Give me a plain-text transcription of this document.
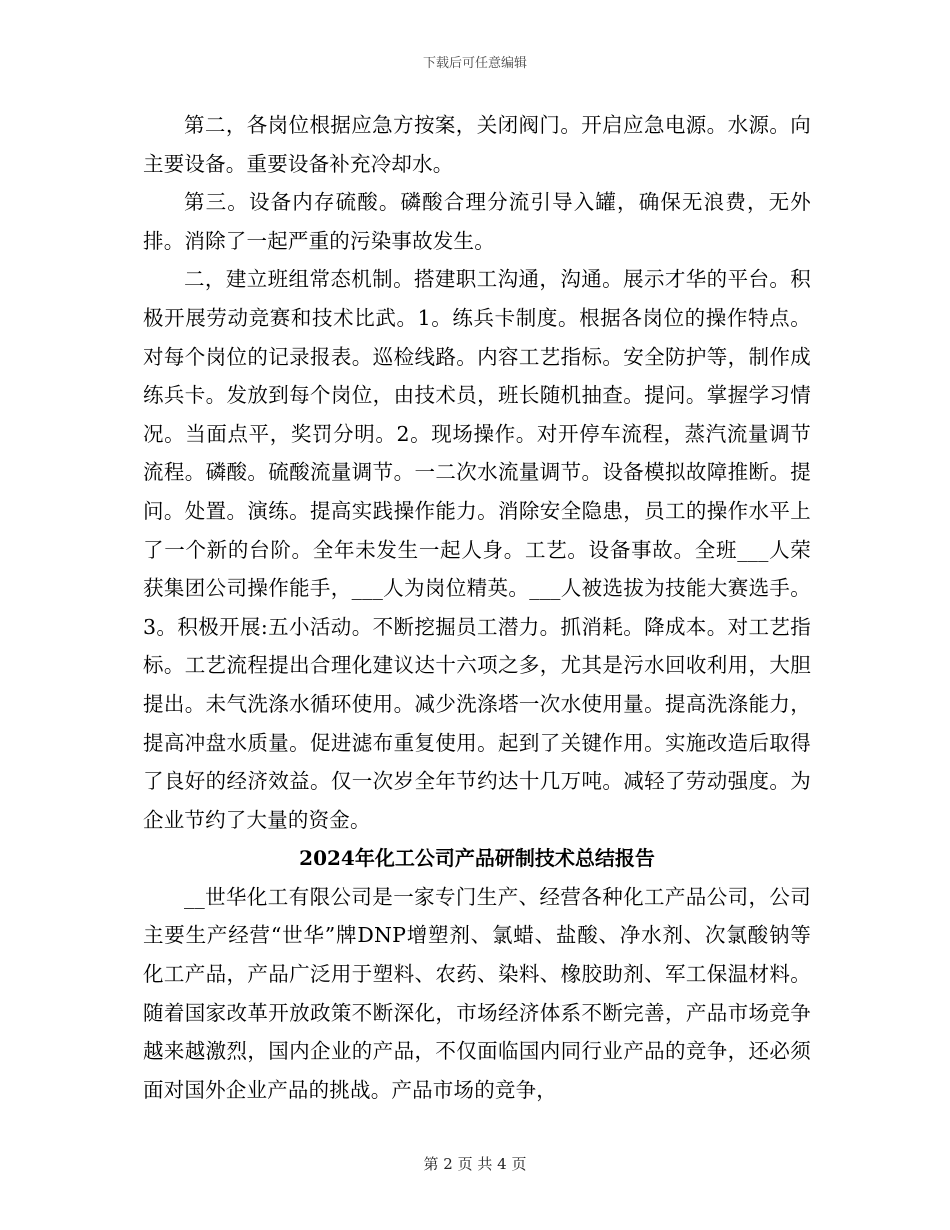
下载后可任意编辑

第二，各岗位根据应急方按案，关闭阀门。开启应急电源。水源。向主要设备。重要设备补充冷却水。

第三。设备内存硫酸。磷酸合理分流引导入罐，确保无浪费，无外排。消除了一起严重的污染事故发生。

二，建立班组常态机制。搭建职工沟通，沟通。展示才华的平台。积极开展劳动竞赛和技术比武。1。练兵卡制度。根据各岗位的操作特点。对每个岗位的记录报表。巡检线路。内容工艺指标。安全防护等，制作成练兵卡。发放到每个岗位，由技术员，班长随机抽查。提问。掌握学习情况。当面点平，奖罚分明。2。现场操作。对开停车流程，蒸汽流量调节流程。磷酸。硫酸流量调节。一二次水流量调节。设备模拟故障推断。提问。处置。演练。提高实践操作能力。消除安全隐患，员工的操作水平上了一个新的台阶。全年未发生一起人身。工艺。设备事故。全班___人荣获集团公司操作能手，___人为岗位精英。___人被选拔为技能大赛选手。3。积极开展:五小活动。不断挖掘员工潜力。抓消耗。降成本。对工艺指标。工艺流程提出合理化建议达十六项之多，尤其是污水回收利用，大胆提出。未气洗涤水循环使用。减少洗涤塔一次水使用量。提高洗涤能力，提高冲盘水质量。促进滤布重复使用。起到了关键作用。实施改造后取得了良好的经济效益。仅一次岁全年节约达十几万吨。减轻了劳动强度。为企业节约了大量的资金。

2024年化工公司产品研制技术总结报告

__世华化工有限公司是一家专门生产、经营各种化工产品公司，公司主要生产经营“世华”牌DNP增塑剂、氯蜡、盐酸、净水剂、次氯酸钠等化工产品，产品广泛用于塑料、农药、染料、橡胶助剂、军工保温材料。随着国家改革开放政策不断深化，市场经济体系不断完善，产品市场竞争越来越激烈，国内企业的产品，不仅面临国内同行业产品的竞争，还必须面对国外企业产品的挑战。产品市场的竞争，

第 2 页 共 4 页
